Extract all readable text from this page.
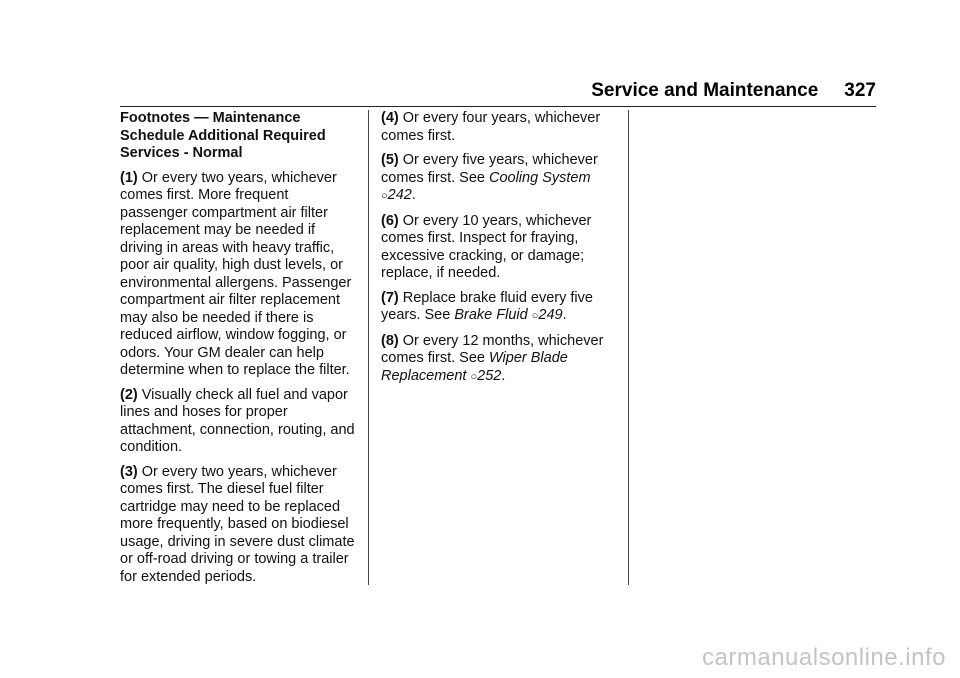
Service and Maintenance 327

Footnotes — Maintenance Schedule Additional Required Services - Normal

(1) Or every two years, whichever comes first. More frequent passenger compartment air filter replacement may be needed if driving in areas with heavy traffic, poor air quality, high dust levels, or environmental allergens. Passenger compartment air filter replacement may also be needed if there is reduced airflow, window fogging, or odors. Your GM dealer can help determine when to replace the filter.

(2) Visually check all fuel and vapor lines and hoses for proper attachment, connection, routing, and condition.

(3) Or every two years, whichever comes first. The diesel fuel filter cartridge may need to be replaced more frequently, based on biodiesel usage, driving in severe dust climate or off-road driving or towing a trailer for extended periods.

(4) Or every four years, whichever comes first.

(5) Or every five years, whichever comes first. See Cooling System ○242.

(6) Or every 10 years, whichever comes first. Inspect for fraying, excessive cracking, or damage; replace, if needed.

(7) Replace brake fluid every five years. See Brake Fluid ○249.

(8) Or every 12 months, whichever comes first. See Wiper Blade Replacement ○252.

carmanualsonline.info
